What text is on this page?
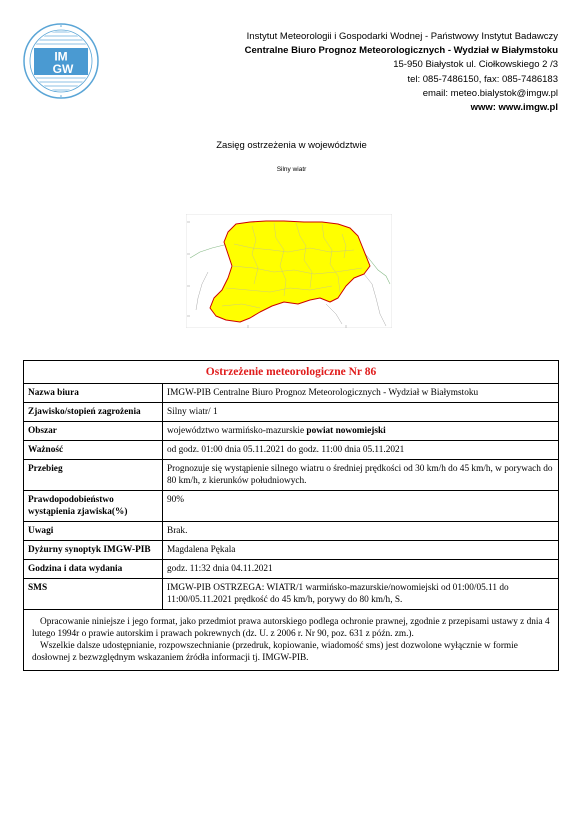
IM
GW
Instytut Meteorologii i Gospodarki Wodnej - Państwowy Instytut Badawczy
Centralne Biuro Prognoz Meteorologicznych - Wydział w Białymstoku
15-950 Białystok ul. Ciołkowskiego 2 /3
tel: 085-7486150, fax: 085-7486183
email: meteo.bialystok@imgw.pl
www: www.imgw.pl
Zasięg ostrzeżenia w województwie
Silny wiatr
Ostrzeżenie meteorologiczne Nr 86	
Nazwa biura	IMGW-PIB Centralne Biuro Prognoz Meteorologicznych - Wydział w Białymstoku
Zjawisko/stopień zagrożenia	Silny wiatr/ 1
Obszar	województwo warmińsko-mazurskie powiat nowomiejski
Ważność	od godz. 01:00 dnia 05.11.2021 do godz. 11:00 dnia 05.11.2021
Przebieg	Prognozuje się wystąpienie silnego wiatru o średniej prędkości od 30 km/h do 45 km/h, w porywach do 80 km/h, z kierunków południowych.
Prawdopodobieństwo wystąpienia zjawiska(%)	90%
Uwagi	Brak.
Dyżurny synoptyk IMGW-PIB	Magdalena Pękala
Godzina i data wydania	godz. 11:32 dnia 04.11.2021
SMS	IMGW-PIB OSTRZEGA: WIATR/1 warmińsko-mazurskie/nowomiejski od 01:00/05.11 do 11:00/05.11.2021 prędkość do 45 km/h, porywy do 80 km/h, S.

Opracowanie niniejsze i jego format, jako przedmiot prawa autorskiego podlega ochronie prawnej, zgodnie z przepisami ustawy z dnia 4 lutego 1994r o prawie autorskim i prawach pokrewnych (dz. U. z 2006 r. Nr 90, poz. 631 z późn. zm.).

Wszelkie dalsze udostępnianie, rozpowszechnianie (przedruk, kopiowanie, wiadomość sms) jest dozwolone wyłącznie w formie dosłownej z bezwzględnym wskazaniem źródła informacji tj. IMGW-PIB.	
